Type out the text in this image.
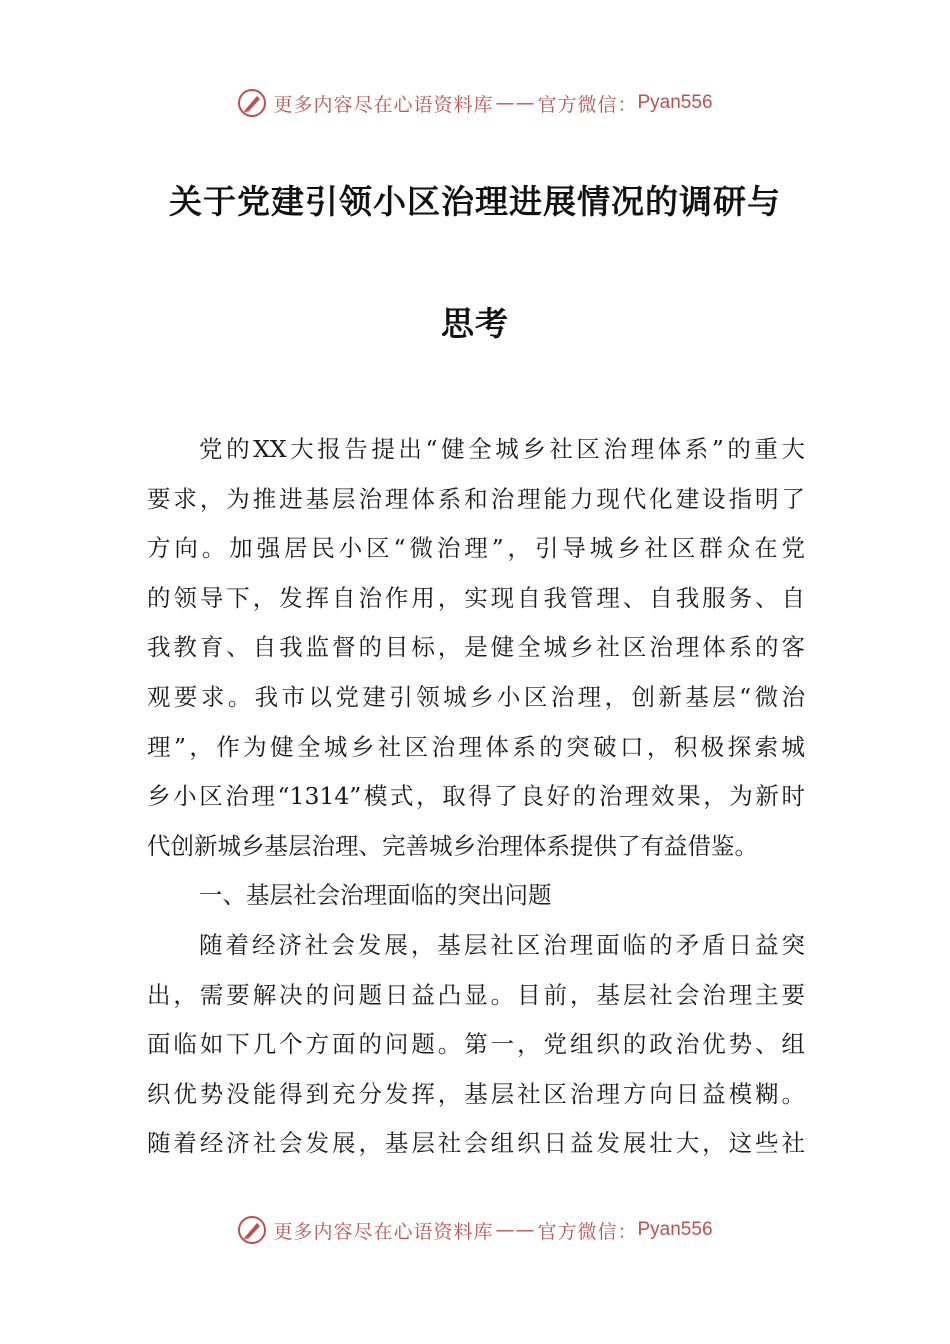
更多内容尽在心语资料库 —— 官方微信： Pyan556
关于党建引领小区治理进展情况的调研与
思考
党的XX大报告提出“健全城乡社区治理体系”的重大
要求，为推进基层治理体系和治理能力现代化建设指明了
方向。加强居民小区“微治理”，引导城乡社区群众在党
的领导下，发挥自治作用，实现自我管理、自我服务、自
我教育、自我监督的目标，是健全城乡社区治理体系的客
观要求。我市以党建引领城乡小区治理，创新基层“微治
理”，作为健全城乡社区治理体系的突破口，积极探索城
乡小区治理“1314”模式，取得了良好的治理效果，为新时
代创新城乡基层治理、完善城乡治理体系提供了有益借鉴。
一、基层社会治理面临的突出问题
随着经济社会发展，基层社区治理面临的矛盾日益突
出，需要解决的问题日益凸显。目前，基层社会治理主要
面临如下几个方面的问题。第一，党组织的政治优势、组
织优势没能得到充分发挥，基层社区治理方向日益模糊。
随着经济社会发展，基层社会组织日益发展壮大，这些社
更多内容尽在心语资料库 —— 官方微信： Pyan556
